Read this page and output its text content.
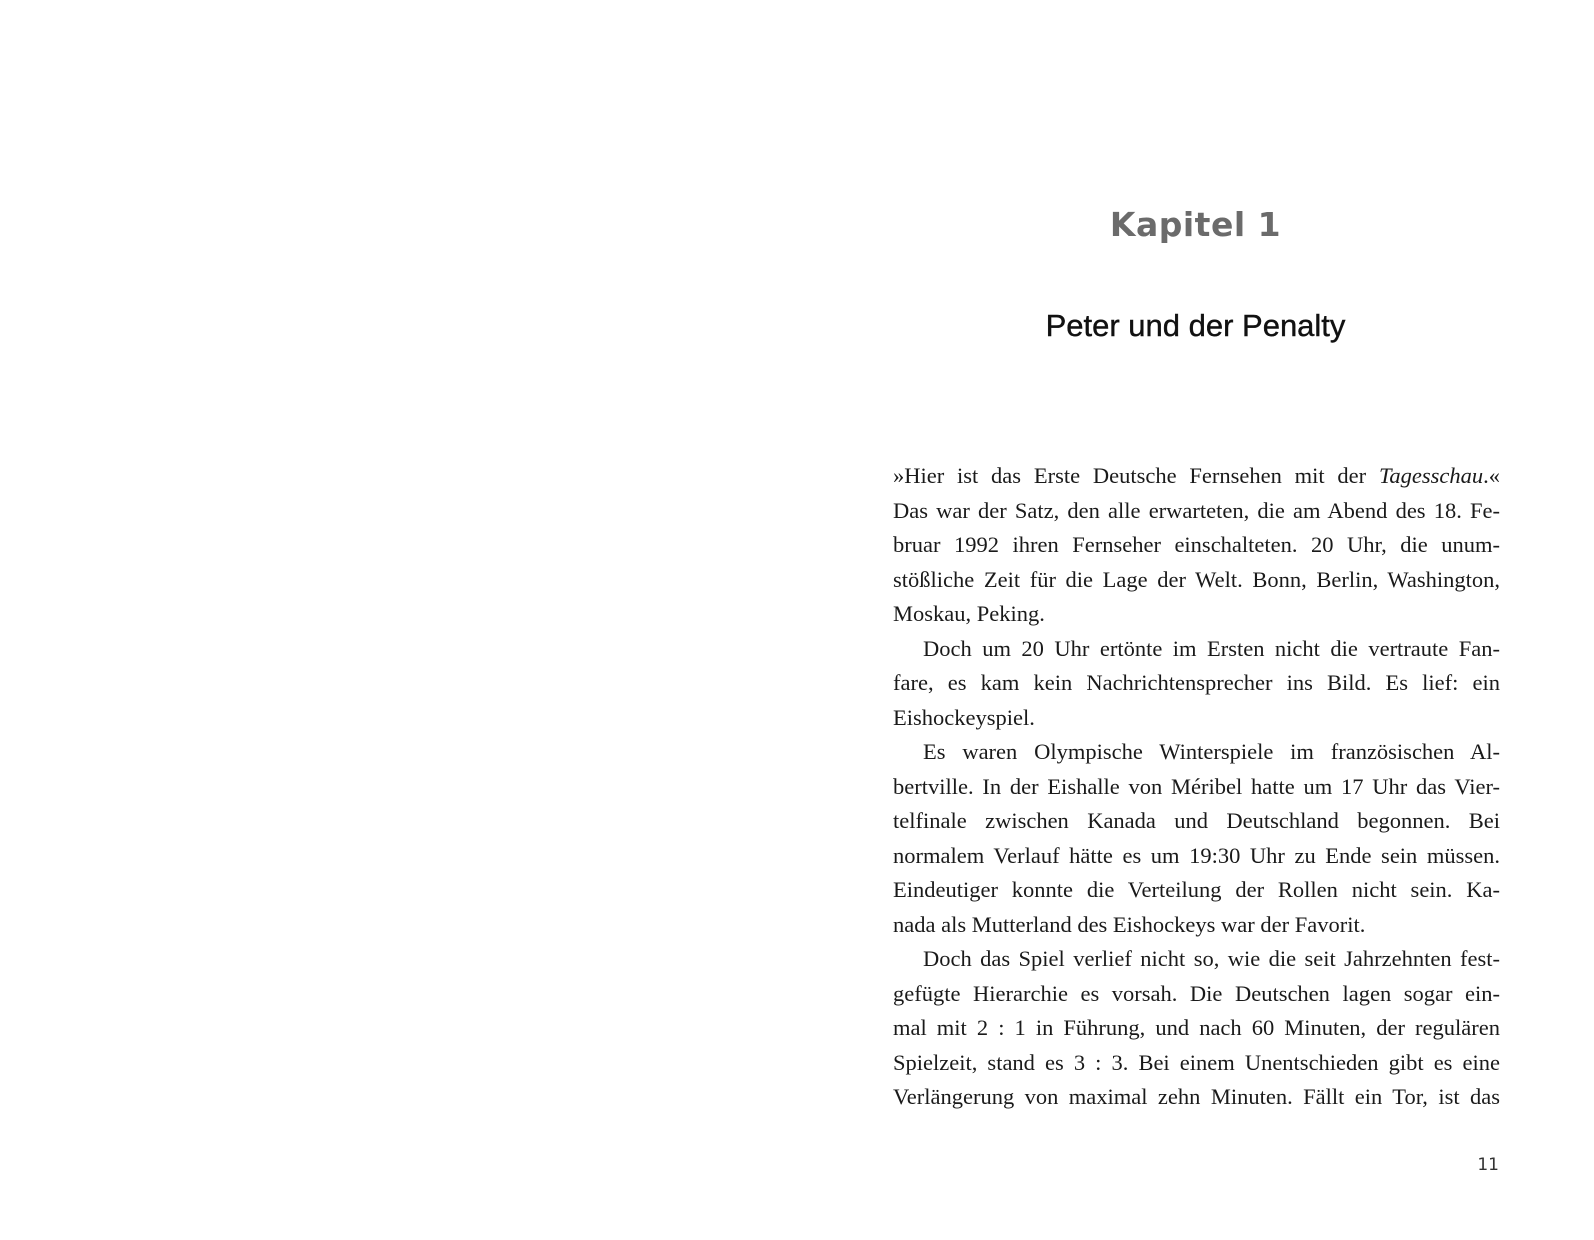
Kapitel 1
Peter und der Penalty
»Hier ist das Erste Deutsche Fernsehen mit der Tagesschau.«
Das war der Satz, den alle erwarteten, die am Abend des 18. Fe-
bruar 1992 ihren Fernseher einschalteten. 20 Uhr, die unum-
stößliche Zeit für die Lage der Welt. Bonn, Berlin, Washington,
Moskau, Peking.
Doch um 20 Uhr ertönte im Ersten nicht die vertraute Fan-
fare, es kam kein Nachrichtensprecher ins Bild. Es lief: ein
Eishockeyspiel.
Es waren Olympische Winterspiele im französischen Al-
bertville. In der Eishalle von Méribel hatte um 17 Uhr das Vier-
telfinale zwischen Kanada und Deutschland begonnen. Bei
normalem Verlauf hätte es um 19:30 Uhr zu Ende sein müssen.
Eindeutiger konnte die Verteilung der Rollen nicht sein. Ka-
nada als Mutterland des Eishockeys war der Favorit.
Doch das Spiel verlief nicht so, wie die seit Jahrzehnten fest-
gefügte Hierarchie es vorsah. Die Deutschen lagen sogar ein-
mal mit 2 : 1 in Führung, und nach 60 Minuten, der regulären
Spielzeit, stand es 3 : 3. Bei einem Unentschieden gibt es eine
Verlängerung von maximal zehn Minuten. Fällt ein Tor, ist das
11
